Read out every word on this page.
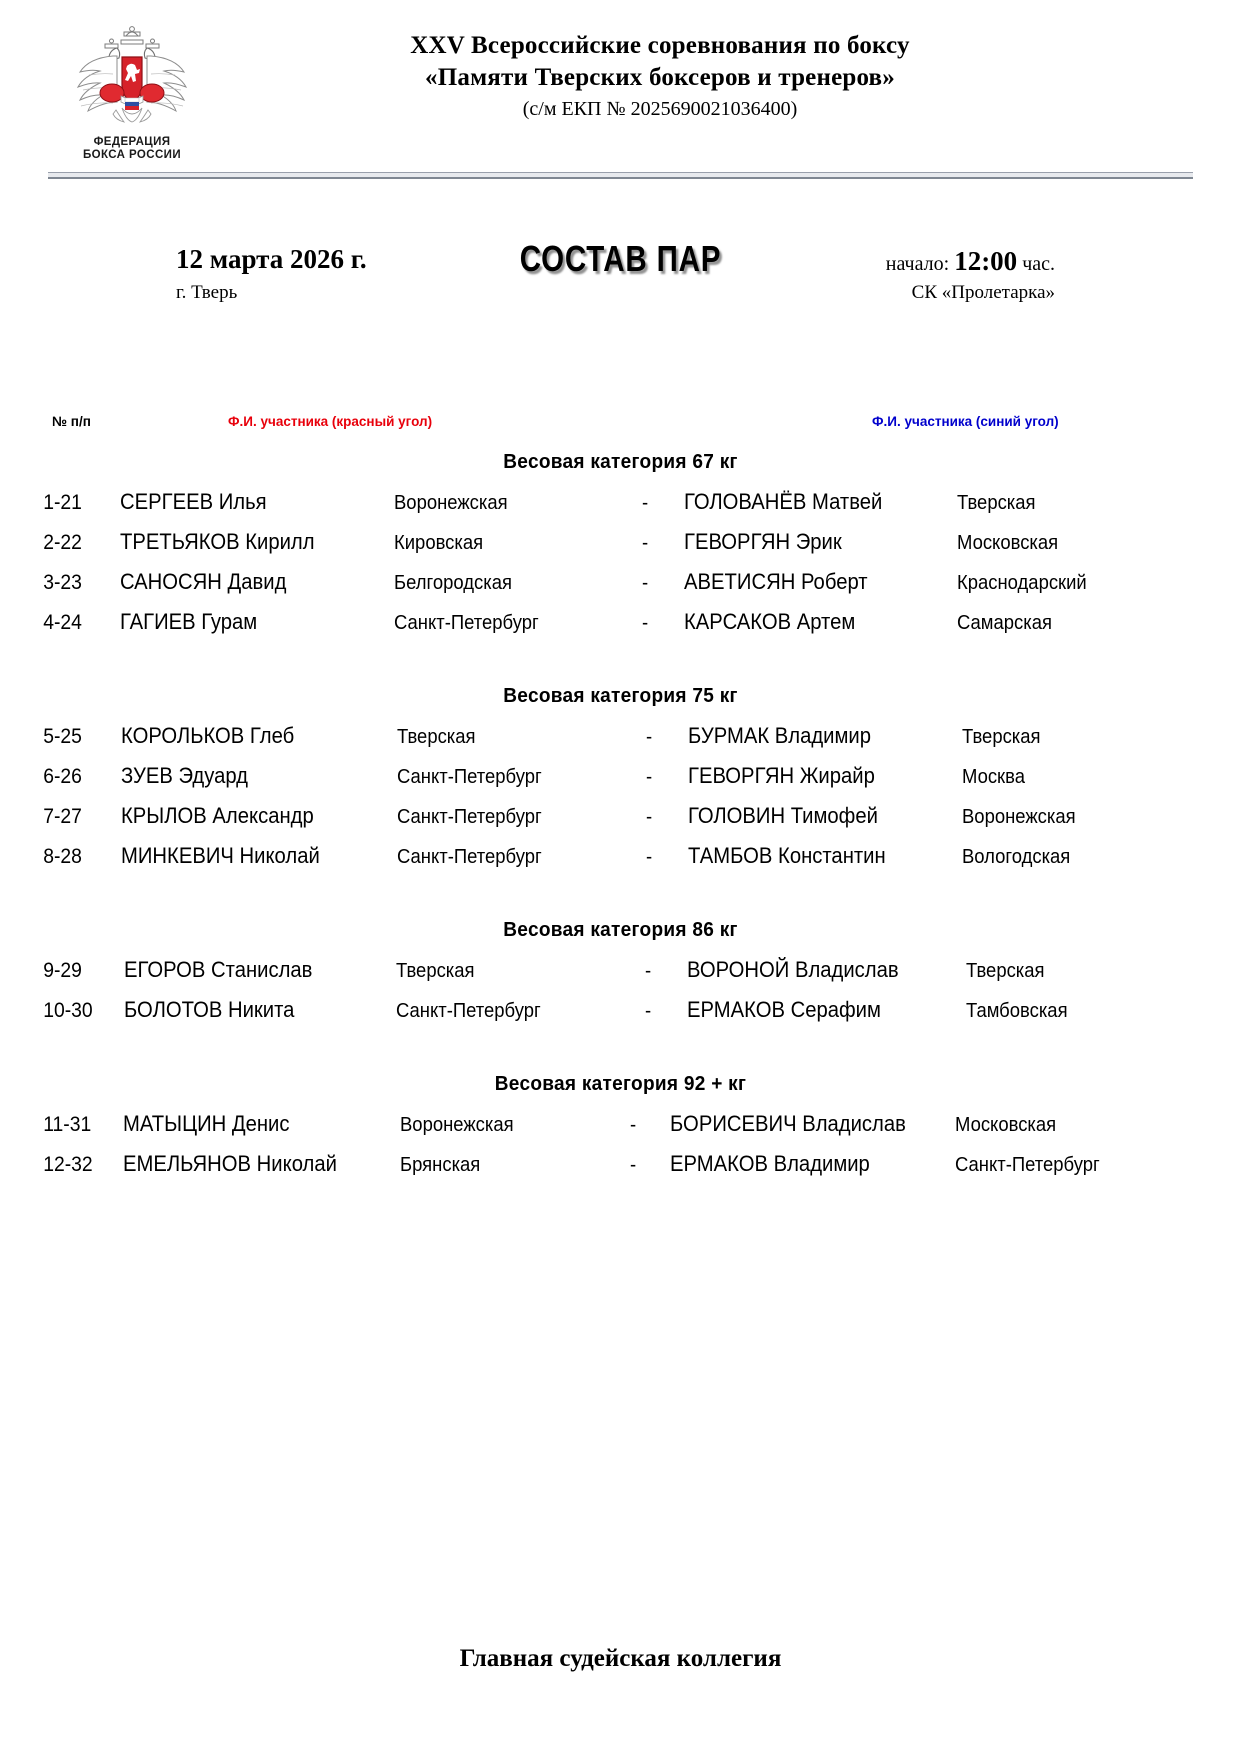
ФЕДЕРАЦИЯ
БОКСА РОССИИ
XXV Всероссийские соревнования по боксу
«Памяти Тверских боксеров и тренеров»
(с/м ЕКП № 2025690021036400)
12 марта 2026 г.
г. Тверь
СОСТАВ ПАР	начало: 12:00 час.
СК «Пролетарка»
№ п/п	Ф.И. участника (красный угол)	Ф.И. участника (синий угол)
Весовая категория 67 кг
1-21	СЕРГЕЕВ Илья	Воронежская	-	ГОЛОВАНЁВ Матвей	Тверская
2-22	ТРЕТЬЯКОВ Кирилл	Кировская	-	ГЕВОРГЯН Эрик	Московская
3-23	САНОСЯН Давид	Белгородская	-	АВЕТИСЯН Роберт	Краснодарский
4-24	ГАГИЕВ Гурам	Санкт-Петербург	-	КАРСАКОВ Артем	Самарская
Весовая категория 75 кг
5-25	КОРОЛЬКОВ Глеб	Тверская	-	БУРМАК Владимир	Тверская
6-26	ЗУЕВ Эдуард	Санкт-Петербург	-	ГЕВОРГЯН Жирайр	Москва
7-27	КРЫЛОВ Александр	Санкт-Петербург	-	ГОЛОВИН Тимофей	Воронежская
8-28	МИНКЕВИЧ Николай	Санкт-Петербург	-	ТАМБОВ Константин	Вологодская
Весовая категория 86 кг
9-29	ЕГОРОВ Станислав	Тверская	-	ВОРОНОЙ Владислав	Тверская
10-30	БОЛОТОВ Никита	Санкт-Петербург	-	ЕРМАКОВ Серафим	Тамбовская
Весовая категория 92 + кг
11-31	МАТЫЦИН Денис	Воронежская	-	БОРИСЕВИЧ Владислав	Московская
12-32	ЕМЕЛЬЯНОВ Николай	Брянская	-	ЕРМАКОВ Владимир	Санкт-Петербург
Главная судейская коллегия
